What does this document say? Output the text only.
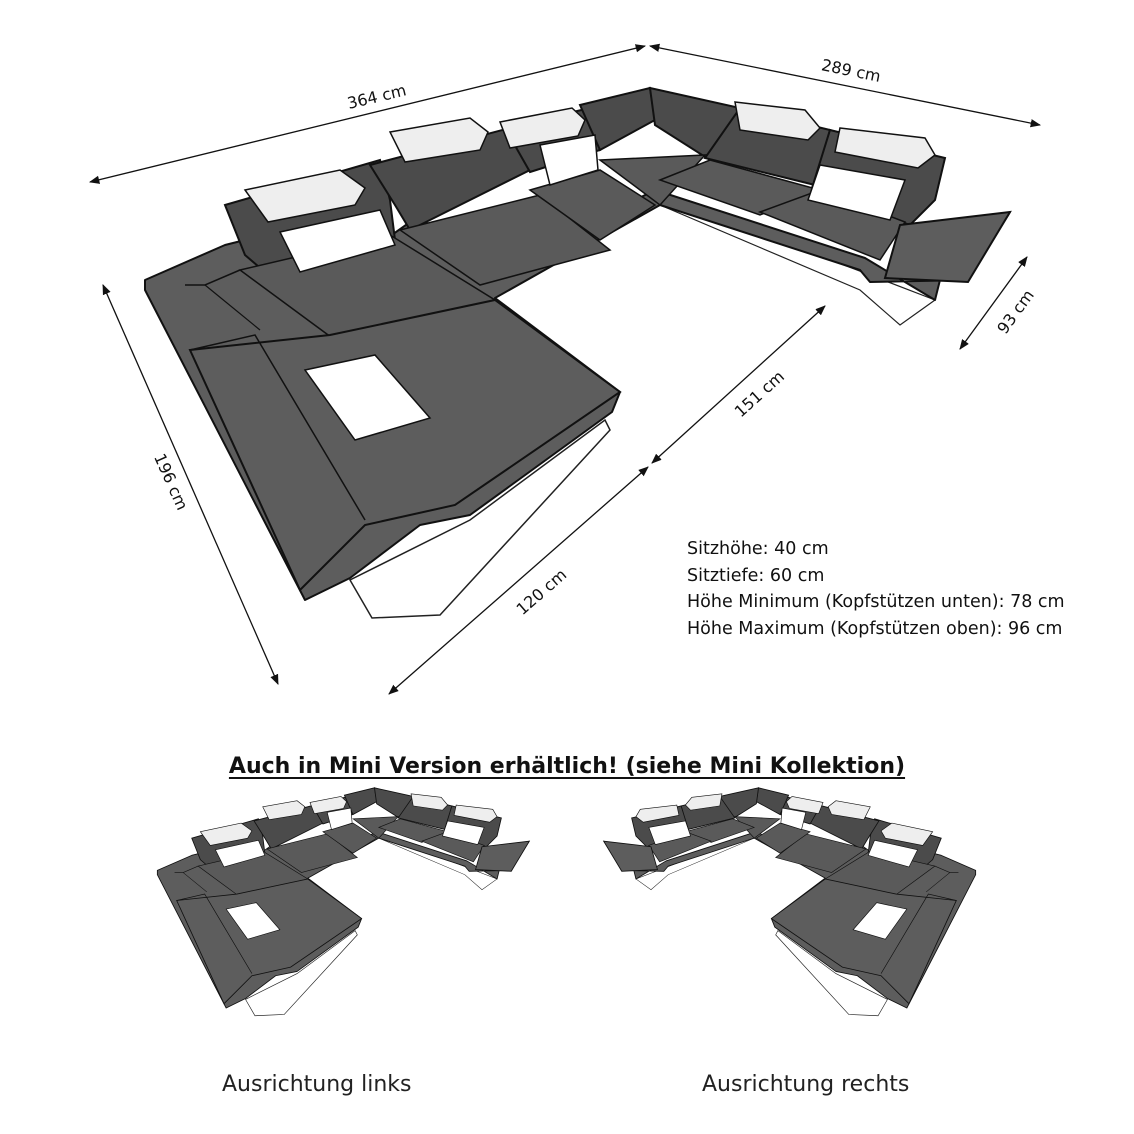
364 cm
289 cm
196 cm
93 cm
151 cm
120 cm
Sitzhöhe: 40 cm
Sitztiefe: 60 cm
Höhe Minimum (Kopfstützen unten): 78 cm
Höhe Maximum (Kopfstützen oben): 96 cm
Auch in Mini Version erhältlich! (siehe Mini Kollektion)
Ausrichtung links	Ausrichtung rechts
